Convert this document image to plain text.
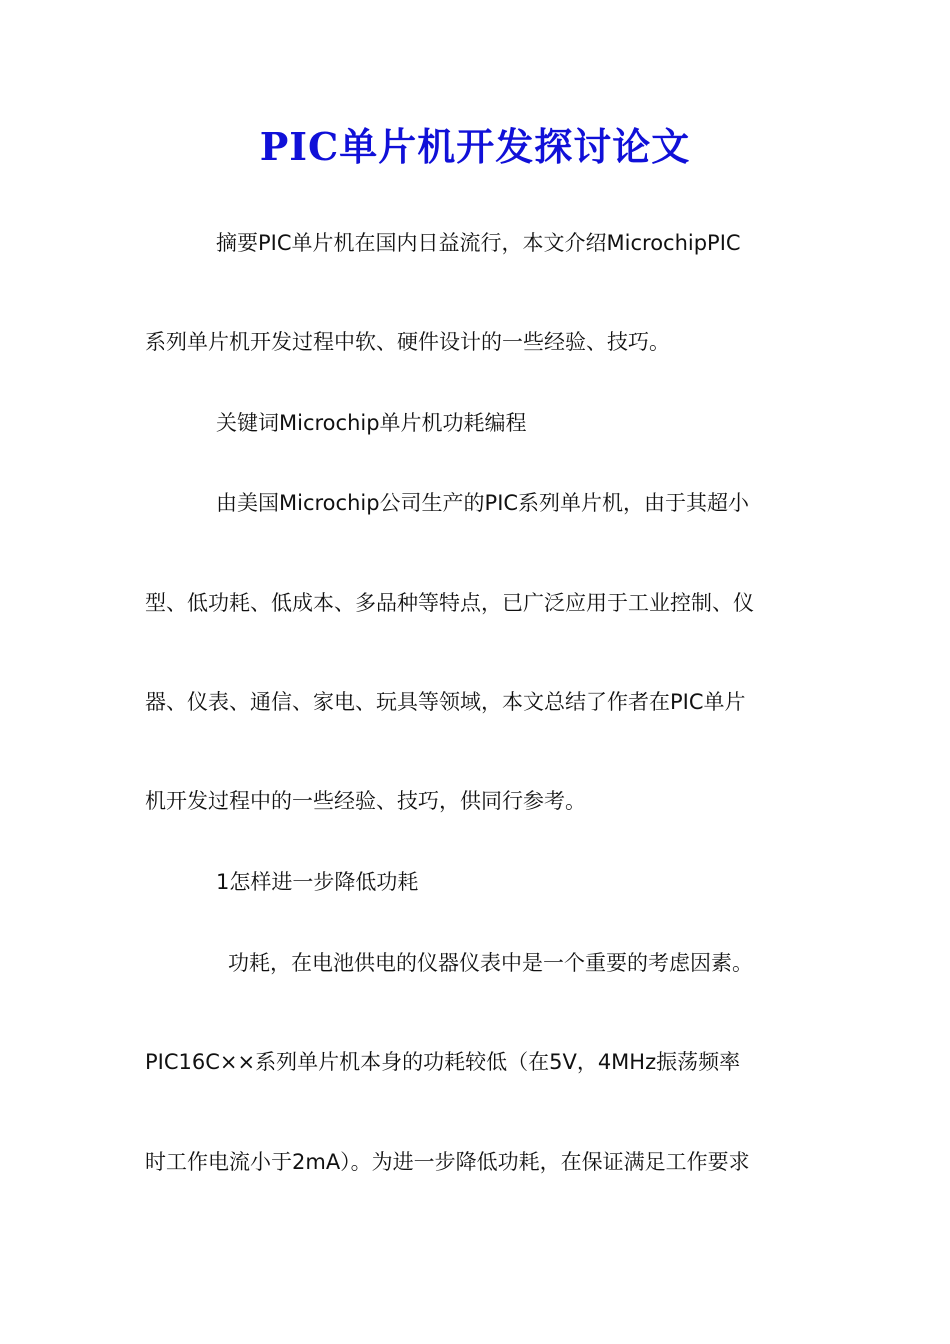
PIC单片机开发探讨论文
摘要PIC单片机在国内日益流行，本文介绍MicrochipPIC
系列单片机开发过程中软、硬件设计的一些经验、技巧。
关键词Microchip单片机功耗编程
由美国Microchip公司生产的PIC系列单片机，由于其超小
型、低功耗、低成本、多品种等特点，已广泛应用于工业控制、仪
器、仪表、通信、家电、玩具等领域，本文总结了作者在PIC单片
机开发过程中的一些经验、技巧，供同行参考。
1怎样进一步降低功耗
功耗，在电池供电的仪器仪表中是一个重要的考虑因素。
PIC16C××系列单片机本身的功耗较低（在5V，4MHz振荡频率
时工作电流小于2mA）。为进一步降低功耗，在保证满足工作要求
